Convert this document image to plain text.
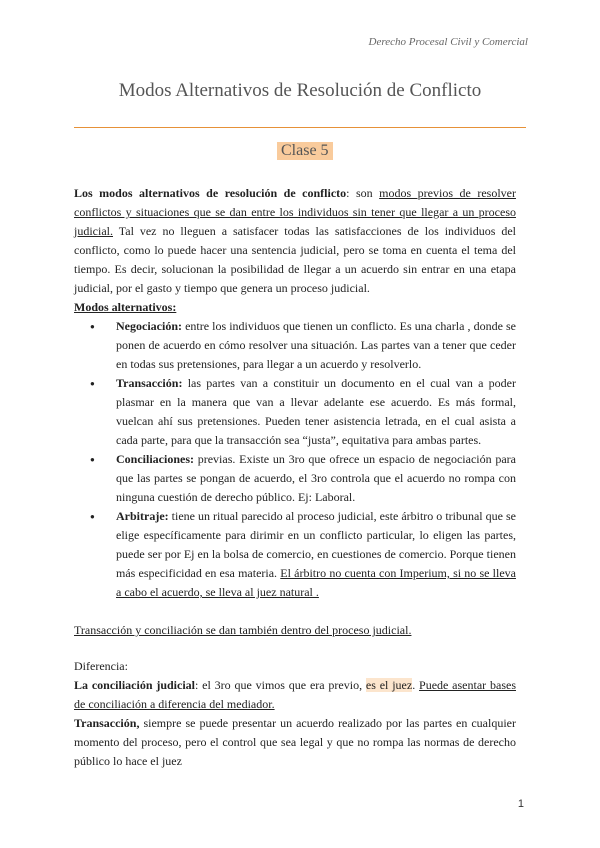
Derecho Procesal Civil y Comercial
Modos Alternativos de Resolución de Conflicto
Clase 5

Los modos alternativos de resolución de conflicto: son modos previos de resolver conflictos y situaciones que se dan entre los individuos sin tener que llegar a un proceso judicial. Tal vez no lleguen a satisfacer todas las satisfacciones de los individuos del conflicto, como lo puede hacer una sentencia judicial, pero se toma en cuenta el tema del tiempo. Es decir, solucionan la posibilidad de llegar a un acuerdo sin entrar en una etapa judicial, por el gasto y tiempo que genera un proceso judicial.

Modos alternativos:

● Negociación: entre los individuos que tienen un conflicto. Es una charla , donde se ponen de acuerdo en cómo resolver una situación. Las partes van a tener que ceder en todas sus pretensiones, para llegar a un acuerdo y resolverlo.
● Transacción: las partes van a constituir un documento en el cual van a poder plasmar en la manera que van a llevar adelante ese acuerdo. Es más formal, vuelcan ahí sus pretensiones. Pueden tener asistencia letrada, en el cual asista a cada parte, para que la transacción sea “justa”, equitativa para ambas partes.
● Conciliaciones: previas. Existe un 3ro que ofrece un espacio de negociación para que las partes se pongan de acuerdo, el 3ro controla que el acuerdo no rompa con ninguna cuestión de derecho público. Ej: Laboral.
● Arbitraje: tiene un ritual parecido al proceso judicial, este árbitro o tribunal que se elige específicamente para dirimir en un conflicto particular, lo eligen las partes, puede ser por Ej en la bolsa de comercio, en cuestiones de comercio. Porque tienen más especificidad en esa materia. El árbitro no cuenta con Imperium, si no se lleva a cabo el acuerdo, se lleva al juez natural .

Transacción y conciliación se dan también dentro del proceso judicial.

Diferencia:

La conciliación judicial: el 3ro que vimos que era previo, es el juez. Puede asentar bases de conciliación a diferencia del mediador.

Transacción, siempre se puede presentar un acuerdo realizado por las partes en cualquier momento del proceso, pero el control que sea legal y que no rompa las normas de derecho público lo hace el juez

1
